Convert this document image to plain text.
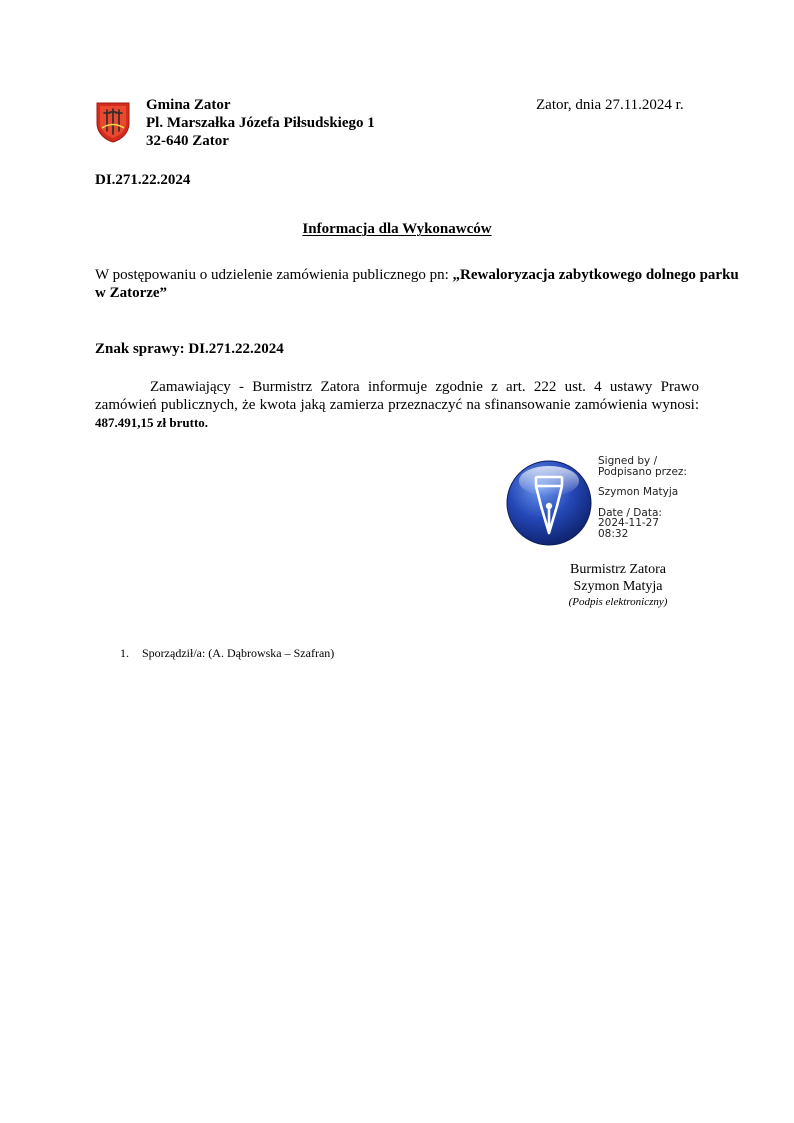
Gmina Zator
Pl. Marszałka Józefa Piłsudskiego 1
32-640 Zator
Zator, dnia 27.11.2024 r.
DI.271.22.2024
Informacja dla Wykonawców
W postępowaniu o udzielenie zamówienia publicznego pn: „Rewaloryzacja zabytkowego dolnego parku w Zatorze”
Znak sprawy: DI.271.22.2024
Zamawiający - Burmistrz Zatora informuje zgodnie z art. 222 ust. 4 ustawy Prawo zamówień publicznych, że kwota jaką zamierza przeznaczyć na sfinansowanie zamówienia wynosi: 487.491,15 zł brutto.
Signed by /
Podpisano przez:
Szymon Matyja
Date / Data:
2024-11-27
08:32
Burmistrz Zatora
Szymon Matyja
(Podpis elektroniczny)
1. Sporządził/a: (A. Dąbrowska – Szafran)
